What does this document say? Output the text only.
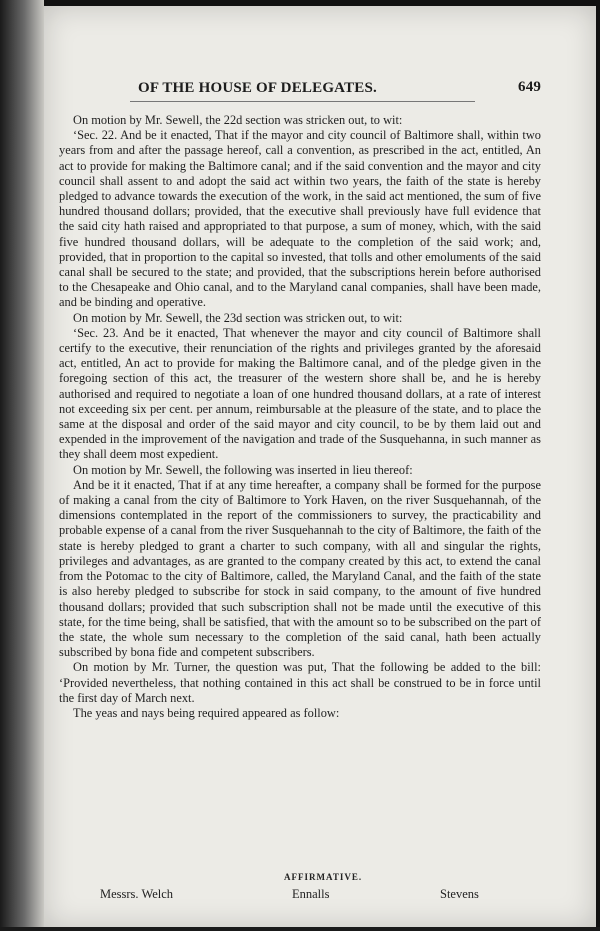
OF THE HOUSE OF DELEGATES.	649

On motion by Mr. Sewell, the 22d section was stricken out, to wit:

‘Sec. 22. And be it enacted, That if the mayor and city council of Baltimore shall, within two years from and after the passage hereof, call a convention, as prescribed in the act, entitled, An act to provide for making the Baltimore canal; and if the said convention and the mayor and city council shall assent to and adopt the said act within two years, the faith of the state is hereby pledged to advance towards the execution of the work, in the said act mentioned, the sum of five hundred thousand dollars; provided, that the executive shall previously have full evidence that the said city hath raised and appropriated to that purpose, a sum of money, which, with the said five hundred thousand dollars, will be adequate to the completion of the said work; and, provided, that in proportion to the capital so invested, that tolls and other emoluments of the said canal shall be secured to the state; and provided, that the subscriptions herein before authorised to the Chesapeake and Ohio canal, and to the Maryland canal companies, shall have been made, and be binding and operative.

On motion by Mr. Sewell, the 23d section was stricken out, to wit:

‘Sec. 23. And be it enacted, That whenever the mayor and city council of Baltimore shall certify to the executive, their renunciation of the rights and privileges granted by the aforesaid act, entitled, An act to provide for making the Baltimore canal, and of the pledge given in the foregoing section of this act, the treasurer of the western shore shall be, and he is hereby authorised and required to negotiate a loan of one hundred thousand dollars, at a rate of interest not exceeding six per cent. per annum, reimbursable at the pleasure of the state, and to place the same at the disposal and order of the said mayor and city council, to be by them laid out and expended in the improvement of the navigation and trade of the Susquehanna, in such manner as they shall deem most expedient.

On motion by Mr. Sewell, the following was inserted in lieu thereof:

And be it it enacted, That if at any time hereafter, a company shall be formed for the purpose of making a canal from the city of Baltimore to York Haven, on the river Susquehannah, of the dimensions contemplated in the report of the commissioners to survey, the practicability and probable expense of a canal from the river Susquehannah to the city of Baltimore, the faith of the state is hereby pledged to grant a charter to such company, with all and singular the rights, privileges and advantages, as are granted to the company created by this act, to extend the canal from the Potomac to the city of Baltimore, called, the Maryland Canal, and the faith of the state is also hereby pledged to subscribe for stock in said company, to the amount of five hundred thousand dollars; provided that such subscription shall not be made until the executive of this state, for the time being, shall be satisfied, that with the amount so to be subscribed on the part of the state, the whole sum necessary to the completion of the said canal, hath been actually subscribed by bona fide and competent subscribers.

On motion by Mr. Turner, the question was put, That the following be added to the bill: ‘Provided nevertheless, that nothing contained in this act shall be construed to be in force until the first day of March next.

The yeas and nays being required appeared as follow:

AFFIRMATIVE.
Messrs. Welch	Ennalls	Stevens
